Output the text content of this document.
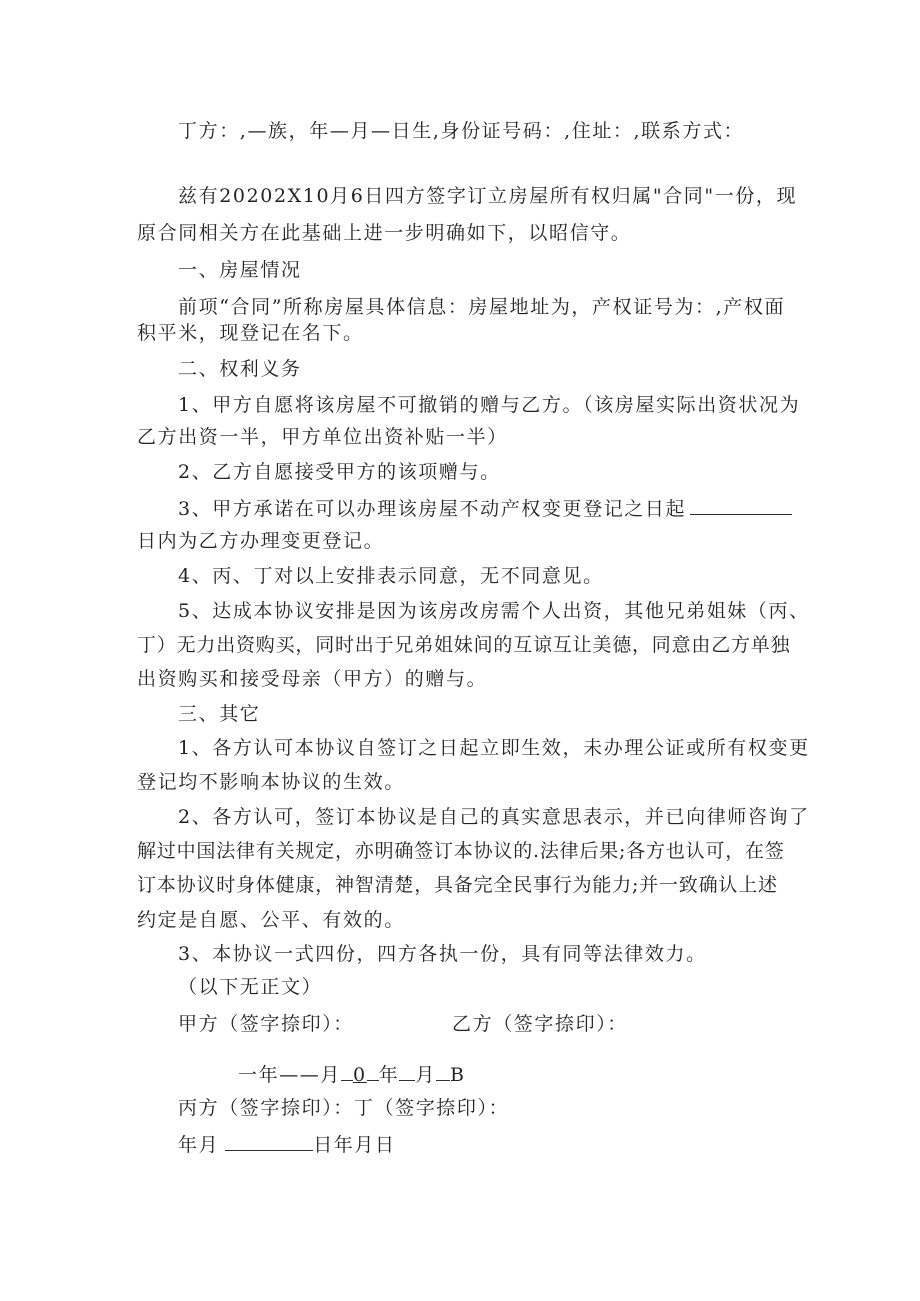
丁方：,—族，年—月—日生,身份证号码：,住址：,联系方式：
兹有20202X10月6日四方签字订立房屋所有权归属"合同"一份，现
原合同相关方在此基础上进一步明确如下，以昭信守。
一、房屋情况
前项“合同”所称房屋具体信息：房屋地址为，产权证号为：,产权面
积平米，现登记在名下。
二、权利义务
1、甲方自愿将该房屋不可撤销的赠与乙方。（该房屋实际出资状况为
乙方出资一半，甲方单位出资补贴一半）
2、乙方自愿接受甲方的该项赠与。
3、甲方承诺在可以办理该房屋不动产权变更登记之日起
日内为乙方办理变更登记。
4、丙、丁对以上安排表示同意，无不同意见。
5、达成本协议安排是因为该房改房需个人出资，其他兄弟姐妹（丙、
丁）无力出资购买，同时出于兄弟姐妹间的互谅互让美德，同意由乙方单独
出资购买和接受母亲（甲方）的赠与。
三、其它
1、各方认可本协议自签订之日起立即生效，未办理公证或所有权变更
登记均不影响本协议的生效。
2、各方认可，签订本协议是自己的真实意思表示，并已向律师咨询了
解过中国法律有关规定，亦明确签订本协议的.法律后果;各方也认可，在签
订本协议时身体健康，神智清楚，具备完全民事行为能力;并一致确认上述
约定是自愿、公平、有效的。
3、本协议一式四份，四方各执一份，具有同等法律效力。
（以下无正文）
甲方（签字捺印）：	乙方（签字捺印）：
一年——月 0 年 月 B
丙方（签字捺印）：丁（签字捺印）：
年月	日年月日
